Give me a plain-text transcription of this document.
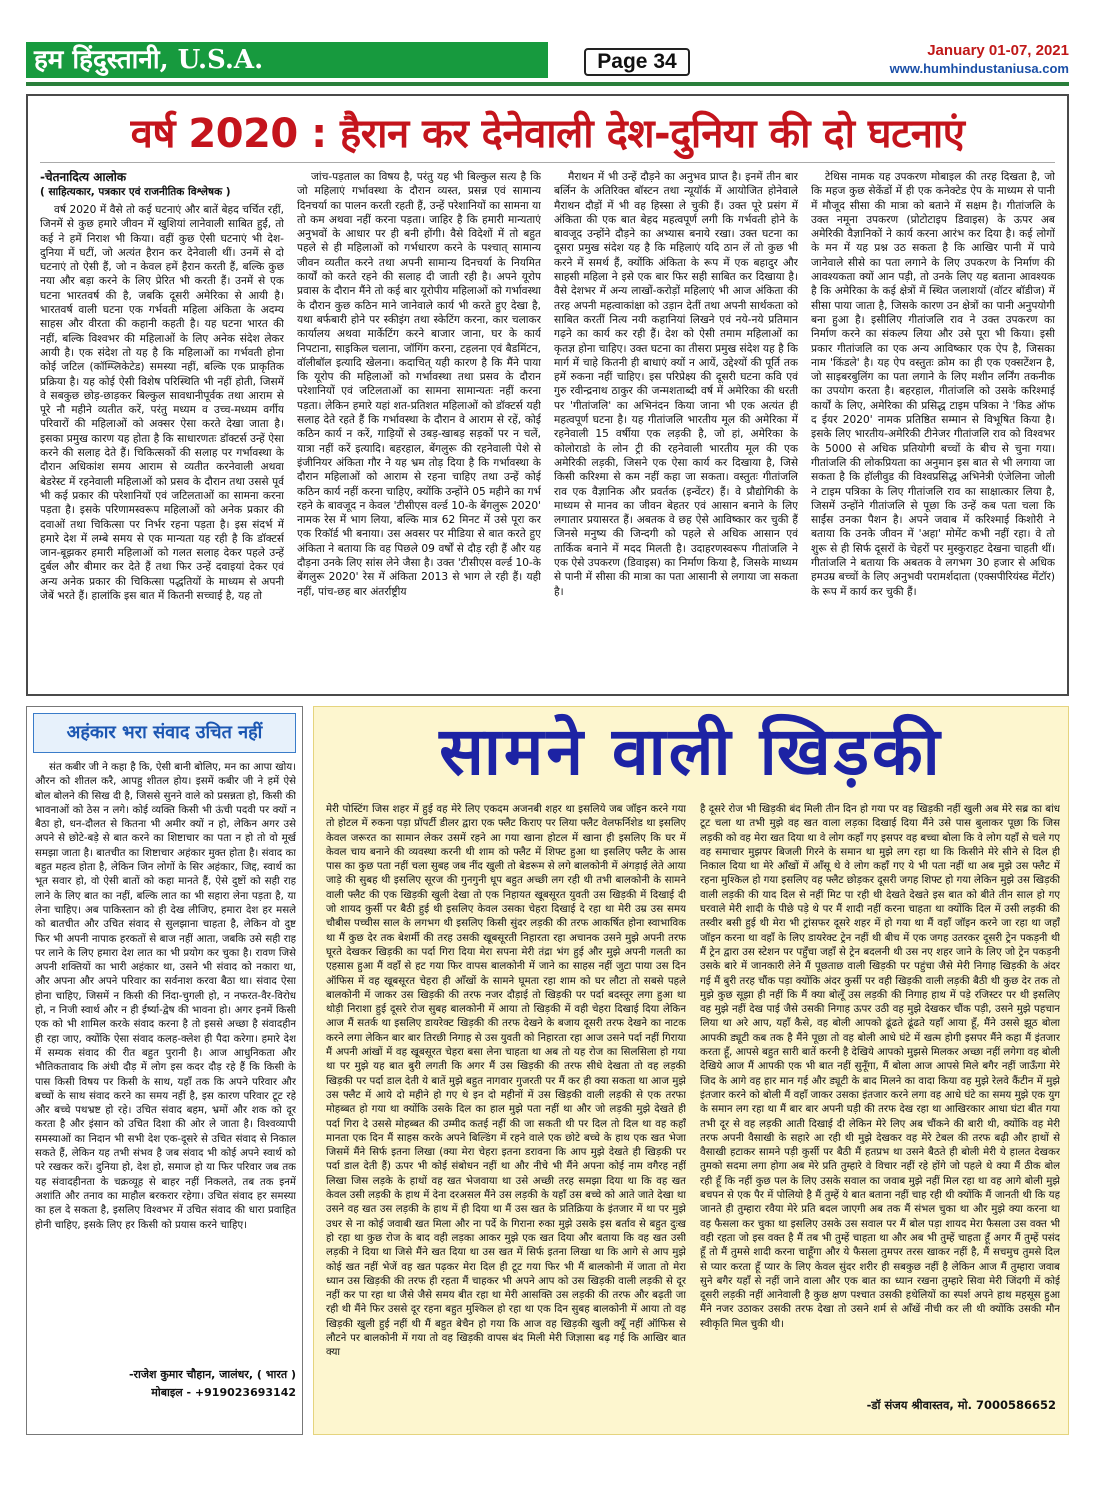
हम हिंदुस्तानी, U.S.A.	Page 34	January 01-07, 2021
www.humhindustaniusa.com
वर्ष 2020 : हैरान कर देनेवाली देश-दुनिया की दो घटनाएं
-चेतनादित्य आलोक
( साहित्यकार, पत्रकार एवं राजनीतिक विश्लेषक )

वर्ष 2020 में वैसे तो कई घटनाएं और बातें बेहद चर्चित रहीं, जिनमें से कुछ हमारे जीवन में खुशियां लानेवाली साबित हुईं, तो कई ने हमें निराश भी किया। वहीं कुछ ऐसी घटनाएं भी देश-दुनिया में घटीं, जो अत्यंत हैरान कर देनेवाली थीं। उनमें से दो घटनाएं तो ऐसी हैं, जो न केवल हमें हैरान करती हैं, बल्कि कुछ नया और बड़ा करने के लिए प्रेरित भी करती हैं। उनमें से एक घटना भारतवर्ष की है, जबकि दूसरी अमेरिका से आयी है। भारतवर्ष वाली घटना एक गर्भवती महिला अंकिता के अदम्य साहस और वीरता की कहानी कहती है। यह घटना भारत की नहीं, बल्कि विश्वभर की महिलाओं के लिए अनेक संदेश लेकर आयी है। एक संदेश तो यह है कि महिलाओं का गर्भवती होना कोई जटिल (कॉम्प्लिकेटेड) समस्या नहीं, बल्कि एक प्राकृतिक प्रक्रिया है। यह कोई ऐसी विशेष परिस्थिति भी नहीं होती, जिसमें वे सबकुछ छोड़-छाड़कर बिल्कुल सावधानीपूर्वक तथा आराम से पूरे नौ महीने व्यतीत करें, परंतु मध्यम व उच्च-मध्यम वर्गीय परिवारों की महिलाओं को अक्सर ऐसा करते देखा जाता है। इसका प्रमुख कारण यह होता है कि साधारणतः डॉक्टर्स उन्हें ऐसा करने की सलाह देते हैं। चिकित्सकों की सलाह पर गर्भावस्था के दौरान अधिकांश समय आराम से व्यतीत करनेवाली अथवा बेडरेस्ट में रहनेवाली महिलाओं को प्रसव के दौरान तथा उससे पूर्व भी कई प्रकार की परेशानियों एवं जटिलताओं का सामना करना पड़ता है। इसके परिणामस्वरूप महिलाओं को अनेक प्रकार की दवाओं तथा चिकित्सा पर निर्भर रहना पड़ता है। इस संदर्भ में हमारे देश में लम्बे समय से एक मान्यता यह रही है कि डॉक्टर्स जान-बूझकर हमारी महिलाओं को गलत सलाह देकर पहले उन्हें दुर्बल और बीमार कर देते हैं तथा फिर उन्हें दवाइयां देकर एवं अन्य अनेक प्रकार की चिकित्सा पद्धतियों के माध्यम से अपनी जेबें भरते हैं। हालांकि इस बात में कितनी सच्चाई है, यह तो

जांच-पड़ताल का विषय है, परंतु यह भी बिल्कुल सत्य है कि जो महिलाएं गर्भावस्था के दौरान व्यस्त, प्रसन्न एवं सामान्य दिनचर्या का पालन करती रहती हैं, उन्हें परेशानियों का सामना या तो कम अथवा नहीं करना पड़ता। जाहिर है कि हमारी मान्यताएं अनुभवों के आधार पर ही बनी होंगी। वैसे विदेशों में तो बहुत पहले से ही महिलाओं को गर्भधारण करने के पश्चात् सामान्य जीवन व्यतीत करने तथा अपनी सामान्य दिनचर्या के नियमित कार्यों को करते रहने की सलाह दी जाती रही है। अपने यूरोप प्रवास के दौरान मैंने तो कई बार यूरोपीय महिलाओं को गर्भावस्था के दौरान कुछ कठिन माने जानेवाले कार्य भी करते हुए देखा है, यथा बर्फबारी होने पर स्कीइंग तथा स्केटिंग करना, कार चलाकर कार्यालय अथवा मार्केटिंग करने बाजार जाना, घर के कार्य निपटाना, साइकिल चलाना, जॉगिंग करना, टहलना एवं बैडमिंटन, वॉलीबॉल इत्यादि खेलना। कदाचित् यही कारण है कि मैंने पाया कि यूरोप की महिलाओं को गर्भावस्था तथा प्रसव के दौरान परेशानियों एवं जटिलताओं का सामना सामान्यतः नहीं करना पड़ता। लेकिन हमारे यहां शत-प्रतिशत महिलाओं को डॉक्टर्स यही सलाह देते रहते हैं कि गर्भावस्था के दौरान वे आराम से रहें, कोई कठिन कार्य न करें, गाड़ियों से उबड़-खाबड़ सड़कों पर न चलें, यात्रा नहीं करें इत्यादि। बहरहाल, बेंगलुरू की रहनेवाली पेशे से इंजीनियर अंकिता गौर ने यह भ्रम तोड़ दिया है कि गर्भावस्था के दौरान महिलाओं को आराम से रहना चाहिए तथा उन्हें कोई कठिन कार्य नहीं करना चाहिए, क्योंकि उन्होंने 05 महीने का गर्भ रहने के बावजूद न केवल 'टीसीएस वर्ल्ड 10-के बेंगलुरू 2020' नामक रेस में भाग लिया, बल्कि मात्र 62 मिनट में उसे पूरा कर एक रिकॉर्ड भी बनाया। उस अवसर पर मीडिया से बात करते हुए अंकिता ने बताया कि वह पिछले 09 वर्षों से दौड़ रही हैं और यह दौड़ना उनके लिए सांस लेने जैसा है। उक्त 'टीसीएस वर्ल्ड 10-के बेंगलुरू 2020' रेस में अंकिता 2013 से भाग ले रही हैं। यही नहीं, पांच-छह बार अंतर्राष्ट्रीय

मैराथन में भी उन्हें दौड़ने का अनुभव प्राप्त है। इनमें तीन बार बर्लिन के अतिरिक्त बॉस्टन तथा न्यूयॉर्क में आयोजित होनेवाले मैराथन दौड़ों में भी वह हिस्सा ले चुकी हैं। उक्त पूरे प्रसंग में अंकिता की एक बात बेहद महत्वपूर्ण लगी कि गर्भवती होने के बावजूद उन्होंने दौड़ने का अभ्यास बनाये रखा। उक्त घटना का दूसरा प्रमुख संदेश यह है कि महिलाएं यदि ठान लें तो कुछ भी करने में समर्थ हैं, क्योंकि अंकिता के रूप में एक बहादुर और साहसी महिला ने इसे एक बार फिर सही साबित कर दिखाया है। वैसे देशभर में अन्य लाखों-करोड़ों महिलाएं भी आज अंकिता की तरह अपनी महत्वाकांक्षा को उड़ान देतीं तथा अपनी सार्थकता को साबित करतीं नित्य नयी कहानियां लिखने एवं नये-नये प्रतिमान गढ़ने का कार्य कर रही हैं। देश को ऐसी तमाम महिलाओं का कृतज्ञ होना चाहिए। उक्त घटना का तीसरा प्रमुख संदेश यह है कि मार्ग में चाहे कितनी ही बाधाएं क्यों न आयें, उद्देश्यों की पूर्ति तक हमें रुकना नहीं चाहिए। इस परिप्रेक्ष्य की दूसरी घटना कवि एवं गुरु रवीन्द्रनाथ ठाकुर की जन्मशताब्दी वर्ष में अमेरिका की धरती पर 'गीतांजलि' का अभिनंदन किया जाना भी एक अत्यंत ही महत्वपूर्ण घटना है। यह गीतांजलि भारतीय मूल की अमेरिका में रहनेवाली 15 वर्षीया एक लड़की है, जो हां, अमेरिका के कोलोराडो के लोन ट्री की रहनेवाली भारतीय मूल की एक अमेरिकी लड़की, जिसने एक ऐसा कार्य कर दिखाया है, जिसे किसी करिश्मा से कम नहीं कहा जा सकता। वस्तुतः गीतांजलि राव एक वैज्ञानिक और प्रवर्तक (इन्वेंटर) हैं। वे प्रौद्योगिकी के माध्यम से मानव का जीवन बेहतर एवं आसान बनाने के लिए लगातार प्रयासरत हैं। अबतक वे छह ऐसे आविष्कार कर चुकी हैं जिनसे मनुष्य की जिन्दगी को पहले से अधिक आसान एवं तार्किक बनाने में मदद मिलती है। उदाहरणस्वरूप गीतांजलि ने एक ऐसे उपकरण (डिवाइस) का निर्माण किया है, जिसके माध्यम से पानी में सीसा की मात्रा का पता आसानी से लगाया जा सकता है।

टेथिस नामक यह उपकरण मोबाइल की तरह दिखता है, जो कि महज कुछ सेकेंडों में ही एक कनेक्टेड ऐप के माध्यम से पानी में मौजूद सीसा की मात्रा को बताने में सक्षम है। गीतांजलि के उक्त नमूना उपकरण (प्रोटोटाइप डिवाइस) के ऊपर अब अमेरिकी वैज्ञानिकों ने कार्य करना आरंभ कर दिया है। कई लोगों के मन में यह प्रश्न उठ सकता है कि आखिर पानी में पाये जानेवाले सीसे का पता लगाने के लिए उपकरण के निर्माण की आवश्यकता क्यों आन पड़ी, तो उनके लिए यह बताना आवश्यक है कि अमेरिका के कई क्षेत्रों में स्थित जलाशयों (वॉटर बॉडीज) में सीसा पाया जाता है, जिसके कारण उन क्षेत्रों का पानी अनुपयोगी बना हुआ है। इसीलिए गीतांजलि राव ने उक्त उपकरण का निर्माण करने का संकल्प लिया और उसे पूरा भी किया। इसी प्रकार गीतांजलि का एक अन्य आविष्कार एक ऐप है, जिसका नाम 'किंडले' है। यह ऐप वस्तुतः क्रोम का ही एक एक्सटेंशन है, जो साइबरबुलिंग का पता लगाने के लिए मशीन लर्निंग तकनीक का उपयोग करता है। बहरहाल, गीतांजलि को उसके करिश्माई कार्यों के लिए, अमेरिका की प्रसिद्ध टाइम पत्रिका ने 'किड ऑफ द ईयर 2020' नामक प्रतिष्ठित सम्मान से विभूषित किया है। इसके लिए भारतीय-अमेरिकी टीनेजर गीतांजलि राव को विश्वभर के 5000 से अधिक प्रतियोगी बच्चों के बीच से चुना गया। गीतांजलि की लोकप्रियता का अनुमान इस बात से भी लगाया जा सकता है कि हॉलीवुड की विश्वप्रसिद्ध अभिनेत्री एंजेलिना जोली ने टाइम पत्रिका के लिए गीतांजलि राव का साक्षात्कार लिया है, जिसमें उन्होंने गीतांजलि से पूछा कि उन्हें कब पता चला कि साईंस उनका पैशन है। अपने जवाब में करिश्माई किशोरी ने बताया कि उनके जीवन में 'अहा' मोमेंट कभी नहीं रहा। वे तो शुरू से ही सिर्फ दूसरों के चेहरों पर मुस्कुराहट देखना चाहती थीं। गीतांजलि ने बताया कि अबतक वे लगभग 30 हजार से अधिक हमउम्र बच्चों के लिए अनुभवी परामर्शदाता (एक्सपीरियंस्ड मेंटॉर) के रूप में कार्य कर चुकी हैं।

अहंकार भरा संवाद उचित नहीं

संत कबीर जी ने कहा है कि, ऐसी बानी बोलिए, मन का आपा खोय। औरन को शीतल करै, आपहु शीतल होय। इसमें कबीर जी ने हमें ऐसे बोल बोलने की सिख दी है, जिससे सुनने वाले को प्रसन्नता हो, किसी की भावनाओं को ठेस न लगे। कोई व्यक्ति किसी भी ऊंची पदवी पर क्यों न बैठा हो, धन-दौलत से कितना भी अमीर क्यों न हो, लेकिन अगर उसे अपने से छोटे-बड़े से बात करने का शिष्टाचार का पता न हो तो वो मूर्ख समझा जाता है। बातचीत का शिष्टाचार अहंकार मुक्त होता है। संवाद का बहुत महत्व होता है, लेकिन जिन लोगों के सिर अहंकार, जिद्द, स्वार्थ का भूत सवार हो, वो ऐसी बातों को कहा मानते हैं, ऐसे दुष्टों को सही राह लाने के लिए बात का नहीं, बल्कि लात का भी सहारा लेना पड़ता है, या लेना चाहिए। अब पाकिस्तान को ही देख लीजिए, हमारा देश हर मसले को बातचीत और उचित संवाद से सुलझाना चाहता है, लेकिन वो दुष्ट फिर भी अपनी नापाक हरकतों से बाज नहीं आता, जबकि उसे सही राह पर लाने के लिए हमारा देश लात का भी प्रयोग कर चुका है। रावण जिसे अपनी शक्तियों का भारी अहंकार था, उसने भी संवाद को नकारा था, और अपना और अपने परिवार का सर्वनाश करवा बैठा था। संवाद ऐसा होना चाहिए, जिसमें न किसी की निंदा-चुगली हो, न नफरत-वैर-विरोध हो, न निजी स्वार्थ और न ही ईर्ष्या-द्वेष की भावना हो। अगर इनमें किसी एक को भी शामिल करके संवाद करना है तो इससे अच्छा है संवादहीन ही रहा जाए, क्योंकि ऐसा संवाद कलह-क्लेश ही पैदा करेगा। हमारे देश में सम्यक संवाद की रीत बहुत पुरानी है। आज आधुनिकता और भौतिकतावाद कि अंधी दौड़ में लोग इस कदर दौड़ रहे हैं कि किसी के पास किसी विषय पर किसी के साथ, यहाँ तक कि अपने परिवार और बच्चों के साथ संवाद करने का समय नहीं है, इस कारण परिवार टूट रहे और बच्चे पथभ्रष्ट हो रहे। उचित संवाद बहम, भ्रमों और शक को दूर करता है और इंसान को उचित दिशा की ओर ले जाता है। विश्वव्यापी समस्याओं का निदान भी सभी देश एक-दूसरे से उचित संवाद से निकाल सकते हैं, लेकिन यह तभी संभव है जब संवाद भी कोई अपने स्वार्थ को परे रखकर करें। दुनिया हो, देश हो, समाज हो या फिर परिवार जब तक यह संवादहीनता के चक्रव्यूह से बाहर नहीं निकलते, तब तक इनमें अशांति और तनाव का माहौल बरकरार रहेगा। उचित संवाद हर समस्या का हल दे सकता है, इसलिए विश्वभर में उचित संवाद की धारा प्रवाहित होनी चाहिए, इसके लिए हर किसी को प्रयास करने चाहिए।

-राजेश कुमार चौहान, जालंधर, ( भारत )
मोबाइल - +919023693142
सामने वाली खिड़की

मेरी पोस्टिंग जिस शहर में हुई वह मेरे लिए एकदम अजनबी शहर था इसलिये जब जॉइन करने गया तो होटल में रुकना पड़ा प्रॉपर्टी डीलर द्वारा एक फ्लैट किराए पर लिया फ्लैट वेलफर्निशेड था इसलिए केवल जरूरत का सामान लेकर उसमें रहने आ गया खाना होटल में खाना ही इसलिए कि घर में केवल चाय बनाने की व्यवस्था करनी थी शाम को फ्लैट में शिफ्ट हुआ था इसलिए फ्लैट के आस पास का कुछ पता नहीं चला सुबह जब नींद खुली तो बेडरूम से लगे बालकोनी में अंगड़ाई लेते आया जाड़े की सुबह थी इसलिए सूरज की गुनगुनी धूप बहुत अच्छी लग रही थी तभी बालकोनी के सामने वाली फ्लैट की एक खिड़की खुली देखा तो एक निहायत खूबसूरत युवती उस खिड़की में दिखाई दी जो शायद कुर्सी पर बैठी हुई थी इसलिए केवल उसका चेहरा दिखाई दे रहा था मेरी उम्र उस समय चौबीस पच्चीस साल के लगभग थी इसलिए किसी सुंदर लड़की की तरफ आकर्षित होना स्वाभाविक था मैं कुछ देर तक बेशर्मी की तरह उसकी खूबसूरती निहारता रहा अचानक उसने मुझे अपनी तरफ घूरते देखकर खिड़की का पर्दा गिरा दिया मेरा सपना मेरी तंद्रा भंग हुई और मुझे अपनी गलती का एहसास हुआ मैं वहाँ से हट गया फिर वापस बालकोनी में जाने का साहस नहीं जुटा पाया उस दिन ऑफिस में वह खूबसूरत चेहरा ही आँखों के सामने घूमता रहा शाम को घर लौटा तो सबसे पहले बालकोनी में जाकर उस खिड़की की तरफ नजर दौड़ाई तो खिड़की पर पर्दा बदस्तूर लगा हुआ था थोड़ी निराशा हुई दूसरे रोज सुबह बालकोनी में आया तो खिड़की में वही चेहरा दिखाई दिया लेकिन आज मैं सतर्क था इसलिए डायरेक्ट खिड़की की तरफ देखने के बजाय दूसरी तरफ देखने का नाटक करने लगा लेकिन बार बार तिरछी निगाह से उस युवती को निहारता रहा आज उसने पर्दा नहीं गिराया मैं अपनी आंखों में वह खूबसूरत चेहरा बसा लेना चाहता था अब तो यह रोज का सिलसिला हो गया था पर मुझे यह बात बुरी लगती कि अगर मैं उस खिड़की की तरफ सीधे देखता तो वह लड़की खिड़की पर पर्दा डाल देती ये बातें मुझे बहुत नागवार गुजरती पर मैं कर ही क्या सकता था आज मुझे उस फ्लैट में आये दो महीने हो गए थे इन दो महीनों में उस खिड़की वाली लड़की से एक तरफा मोहब्बत हो गया था क्योंकि उसके दिल का हाल मुझे पता नहीं था और जो लड़की मुझे देखते ही पर्दा गिरा दे उससे मोहब्बत की उम्मीद कतई नहीं की जा सकती थी पर दिल तो दिल था वह कहाँ मानता एक दिन मैं साहस करके अपने बिल्डिंग में रहने वाले एक छोटे बच्चे के हाथ एक खत भेजा जिसमें मैंने सिर्फ इतना लिखा (क्या मेरा चेहरा इतना डरावना कि आप मुझे देखते ही खिड़की पर पर्दा डाल देती हैं) ऊपर भी कोई संबोधन नहीं था और नीचे भी मैंने अपना कोई नाम वगैरह नहीं लिखा जिस लड़के के हाथों वह खत भेजवाया था उसे अच्छी तरह समझा दिया था कि वह खत केवल उसी लड़की के हाथ में देना दरअसल मैंने उस लड़की के यहाँ उस बच्चे को आते जाते देखा था उसने वह खत उस लड़की के हाथ में ही दिया था मैं उस खत के प्रतिक्रिया के इंतजार में था पर मुझे उधर से ना कोई जवाबी खत मिला और ना पर्दे के गिराना रुका मुझे उसके इस बर्ताव से बहुत दुःख हो रहा था कुछ रोज के बाद वही लड़का आकर मुझे एक खत दिया और बताया कि वह खत उसी लड़की ने दिया था जिसे मैंने खत दिया था उस खत में सिर्फ इतना लिखा था कि आगे से आप मुझे कोई खत नहीं भेजें वह खत पढ़कर मेरा दिल ही टूट गया फिर भी मैं बालकोनी में जाता तो मेरा ध्यान उस खिड़की की तरफ ही रहता मैं चाहकर भी अपने आप को उस खिड़की वाली लड़की से दूर नहीं कर पा रहा था जैसे जैसे समय बीत रहा था मेरी आसक्ति उस लड़की की तरफ और बढ़ती जा रही थी मैंने फिर उससे दूर रहना बहुत मुश्किल हो रहा था एक दिन सुबह बालकोनी में आया तो वह खिड़की खुली हुई नहीं थी मैं बहुत बेचैन हो गया कि आज वह खिड़की खुली क्यूँ नहीं ऑफिस से लौटने पर बालकोनी में गया तो वह खिड़की वापस बंद मिली मेरी जिज्ञासा बढ़ गई कि आखिर बात क्या

है दूसरे रोज भी खिड़की बंद मिली तीन दिन हो गया पर वह खिड़की नहीं खुली अब मेरे सब्र का बांध टूट चला था तभी मुझे वह खत वाला लड़का दिखाई दिया मैंने उसे पास बुलाकर पूछा कि जिस लड़की को वह मेरा खत दिया था वे लोग कहाँ गए इसपर वह बच्चा बोला कि वे लोग यहाँ से चले गए वह समाचार मुझपर बिजली गिरने के समान था मुझे लग रहा था कि किसीने मेरे सीने से दिल ही निकाल दिया था मेरे आँखों में आँसू थे वे लोग कहाँ गए ये भी पता नहीं था अब मुझे उस फ्लैट में रहना मुश्किल हो गया इसलिए वह फ्लैट छोड़कर दूसरी जगह शिफ्ट हो गया लेकिन मुझे उस खिड़की वाली लड़की की याद दिल से नहीं मिट पा रही थी देखते देखते इस बात को बीते तीन साल हो गए घरवाले मेरी शादी के पीछे पड़े थे पर मैं शादी नहीं करना चाहता था क्योंकि दिल में उसी लड़की की तस्वीर बसी हुई थी मेरा भी ट्रांसफर दूसरे शहर में हो गया था मैं वहाँ जॉइन करने जा रहा था जहाँ जॉइन करना था वहाँ के लिए डायरेक्ट ट्रेन नहीं थी बीच में एक जगह उतरकर दूसरी ट्रेन पकड़नी थी मैं ट्रेन द्वारा उस स्टेशन पर पहुँचा जहाँ से ट्रेन बदलनी थी उस नए शहर जाने के लिए जो ट्रेन पकड़नी उसके बारे में जानकारी लेने मैं पूछताछ वाली खिड़की पर पहुंचा जैसे मेरी निगाह खिड़की के अंदर गई मैं बुरी तरह चौंक पड़ा क्योंकि अंदर कुर्सी पर वही खिड़की वाली लड़की बैठी थी कुछ देर तक तो मुझे कुछ सूझा ही नहीं कि मैं क्या बोलूँ उस लड़की की निगाह हाथ में पड़े रजिस्टर पर थी इसलिए वह मुझे नहीं देख पाई जैसे उसकी निगाह ऊपर उठी वह मुझे देखकर चौंक पड़ी, उसने मुझे पहचान लिया था अरे आप, यहाँ कैसे, वह बोली आपको ढूंढते ढूंढते यहाँ आया हूँ, मैंने उससे झूठ बोला आपकी ड्यूटी कब तक है मैंने पूछा तो वह बोली आधे घंटे में खत्म होगी इसपर मैंने कहा मैं इंतजार करता हूँ, आपसे बहुत सारी बातें करनी है देखिये आपको मुझसे मिलकर अच्छा नहीं लगेगा वह बोली देखिये आज मैं आपकी एक भी बात नहीं सुनूँगा, मैं बोला आज आपसे मिले बगैर नहीं जाऊँगा मेरे जिद के आगे वह हार मान गई और ड्यूटी के बाद मिलने का वादा किया वह मुझे रेलवे कैंटीन में मुझे इंतजार करने को बोली मैं वहाँ जाकर उसका इंतजार करने लगा वह आधे घंटे का समय मुझे एक युग के समान लग रहा था मैं बार बार अपनी घड़ी की तरफ देख रहा था आखिरकार आधा घंटा बीत गया तभी दूर से वह लड़की आती दिखाई दी लेकिन मेरे लिए अब चौंकने की बारी थी, क्योंकि वह मेरी तरफ अपनी वैसाखी के सहारे आ रही थी मुझे देखकर वह मेरे टेबल की तरफ बढ़ी और हाथों से वैसाखी हटाकर सामने पड़ी कुर्सी पर बैठी मैं हतप्रभ था उसने बैठते ही बोली मेरी ये हालत देखकर तुमको सदमा लगा होगा अब मेरे प्रति तुम्हारे वे विचार नहीं रहे होंगे जो पहले थे क्या मैं ठीक बोल रही हूँ कि नहीं कुछ पल के लिए उसके सवाल का जवाब मुझे नहीं मिल रहा था वह आगे बोली मुझे बचपन से एक पैर में पोलियो है मैं तुम्हें ये बात बताना नहीं चाह रही थी क्योंकि मैं जानती थी कि यह जानते ही तुम्हारा रवैया मेरे प्रति बदल जाएगी अब तक मैं संभल चुका था और मुझे क्या करना था वह फैसला कर चुका था इसलिए उसके उस सवाल पर मैं बोल पड़ा शायद मेरा फैसला उस वक्त भी वही रहता जो इस वक्त है मैं तब भी तुम्हें चाहता था और अब भी तुम्हें चाहता हूँ अगर मैं तुम्हें पसंद हूँ तो मैं तुमसे शादी करना चाहूँगा और ये फैसला तुमपर तरस खाकर नहीं है, मैं सचमुच तुमसे दिल से प्यार करता हूँ प्यार के लिए केवल सुंदर शरीर ही सबकुछ नहीं है लेकिन आज मैं तुम्हारा जवाब सुने बगैर यहाँ से नहीं जाने वाला और एक बात का ध्यान रखना तुम्हारे सिवा मेरी जिंदगी में कोई दूसरी लड़की नहीं आनेवाली है कुछ क्षण पश्चात उसकी हथेलियों का स्पर्श अपने हाथ महसूस हुआ मैंने नजर उठाकर उसकी तरफ देखा तो उसने शर्म से आँखें नीची कर ली थी क्योंकि उसकी मौन स्वीकृति मिल चुकी थी।

-डॉ संजय श्रीवास्तव, मो. 7000586652
